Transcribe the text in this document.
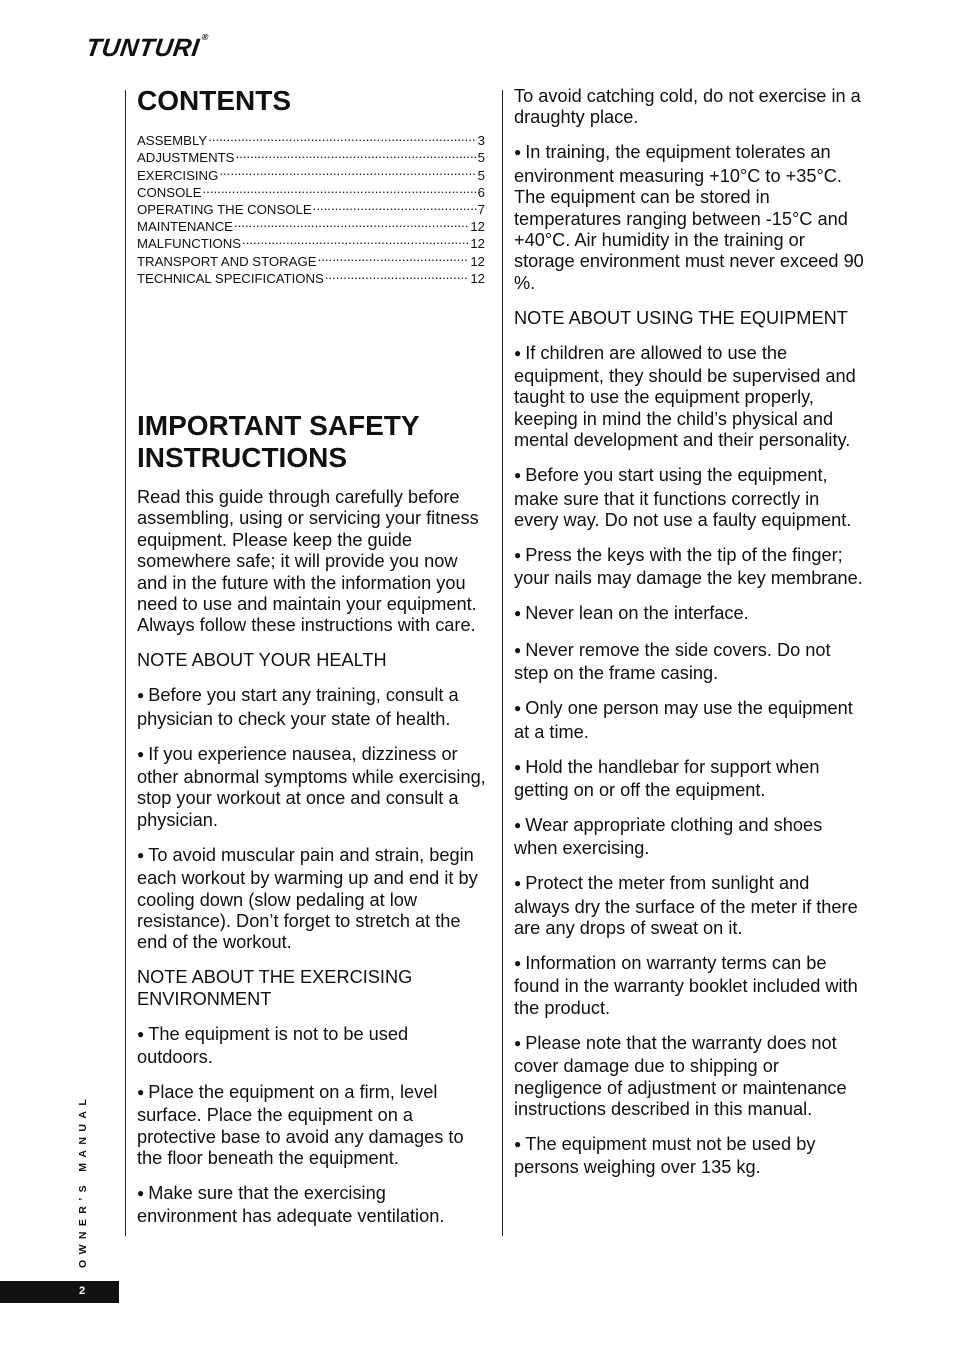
TUNTURI®
CONTENTS
ASSEMBLY .....	3
ADJUSTMENTS .....	5
EXERCISING .....	5
CONSOLE .....	6
OPERATING THE CONSOLE .....	7
MAINTENANCE .....	12
MALFUNCTIONS .....	12
TRANSPORT AND STORAGE .....	12
TECHNICAL SPECIFICATIONS .....	12
IMPORTANT SAFETY INSTRUCTIONS

Read this guide through carefully before assembling, using or servicing your fitness equipment. Please keep the guide somewhere safe; it will provide you now and in the future with the information you need to use and maintain your equipment. Always follow these instructions with care.

NOTE ABOUT YOUR HEALTH

● Before you start any training, consult a physician to check your state of health.

● If you experience nausea, dizziness or other abnormal symptoms while exercising, stop your workout at once and consult a physician.

● To avoid muscular pain and strain, begin each workout by warming up and end it by cooling down (slow pedaling at low resistance). Don’t forget to stretch at the end of the workout.

NOTE ABOUT THE EXERCISING ENVIRONMENT

● The equipment is not to be used outdoors.

● Place the equipment on a firm, level surface. Place the equipment on a protective base to avoid any damages to the floor beneath the equipment.

● Make sure that the exercising environment has adequate ventilation.

To avoid catching cold, do not exercise in a draughty place.

● In training, the equipment tolerates an environment measuring +10°C to +35°C. The equipment can be stored in temperatures ranging between -15°C and +40°C. Air humidity in the training or storage environment must never exceed 90 %.

NOTE ABOUT USING THE EQUIPMENT

● If children are allowed to use the equipment, they should be supervised and taught to use the equipment properly, keeping in mind the child’s physical and mental development and their personality.

● Before you start using the equipment, make sure that it functions correctly in every way. Do not use a faulty equipment.

● Press the keys with the tip of the finger; your nails may damage the key membrane.

● Never lean on the interface.

● Never remove the side covers. Do not step on the frame casing.

● Only one person may use the equipment at a time.

● Hold the handlebar for support when getting on or off the equipment.

● Wear appropriate clothing and shoes when exercising.

● Protect the meter from sunlight and always dry the surface of the meter if there are any drops of sweat on it.

● Information on warranty terms can be found in the warranty booklet included with the product.

● Please note that the warranty does not cover damage due to shipping or negligence of adjustment or maintenance instructions described in this manual.

● The equipment must not be used by persons weighing over 135 kg.

OWNER’S MANUAL
2
